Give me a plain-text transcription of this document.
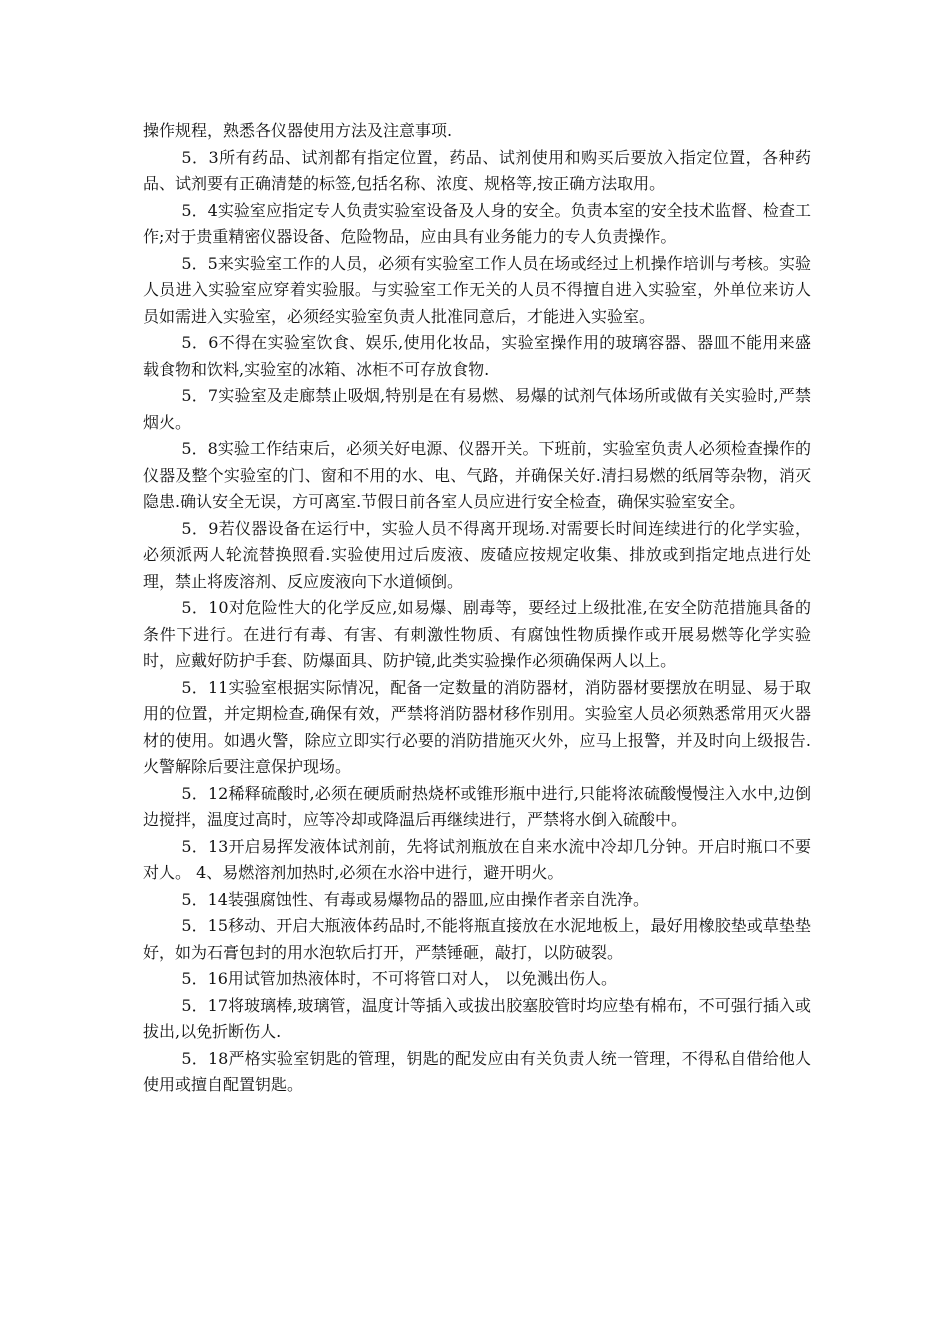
操作规程，熟悉各仪器使用方法及注意事项.

5．3所有药品、试剂都有指定位置，药品、试剂使用和购买后要放入指定位置，各种药品、试剂要有正确清楚的标签,包括名称、浓度、规格等,按正确方法取用。

5．4实验室应指定专人负责实验室设备及人身的安全。负责本室的安全技术监督、检查工作;对于贵重精密仪器设备、危险物品，应由具有业务能力的专人负责操作。

5．5来实验室工作的人员，必须有实验室工作人员在场或经过上机操作培训与考核。实验人员进入实验室应穿着实验服。与实验室工作无关的人员不得擅自进入实验室，外单位来访人员如需进入实验室，必须经实验室负责人批准同意后，才能进入实验室。

5．6不得在实验室饮食、娱乐,使用化妆品，实验室操作用的玻璃容器、器皿不能用来盛载食物和饮料,实验室的冰箱、冰柜不可存放食物.

5．7实验室及走廊禁止吸烟,特别是在有易燃、易爆的试剂气体场所或做有关实验时,严禁烟火。

5．8实验工作结束后，必须关好电源、仪器开关。下班前，实验室负责人必须检查操作的仪器及整个实验室的门、窗和不用的水、电、气路，并确保关好.清扫易燃的纸屑等杂物，消灭隐患.确认安全无误，方可离室.节假日前各室人员应进行安全检查，确保实验室安全。

5．9若仪器设备在运行中，实验人员不得离开现场.对需要长时间连续进行的化学实验，必须派两人轮流替换照看.实验使用过后废液、废碴应按规定收集、排放或到指定地点进行处理，禁止将废溶剂、反应废液向下水道倾倒。

5．10对危险性大的化学反应,如易爆、剧毒等，要经过上级批准,在安全防范措施具备的条件下进行。在进行有毒、有害、有刺激性物质、有腐蚀性物质操作或开展易燃等化学实验时，应戴好防护手套、防爆面具、防护镜,此类实验操作必须确保两人以上。

5．11实验室根据实际情况，配备一定数量的消防器材，消防器材要摆放在明显、易于取用的位置，并定期检查,确保有效，严禁将消防器材移作别用。实验室人员必须熟悉常用灭火器材的使用。如遇火警，除应立即实行必要的消防措施灭火外，应马上报警，并及时向上级报告.火警解除后要注意保护现场。

5．12稀释硫酸时,必须在硬质耐热烧杯或锥形瓶中进行,只能将浓硫酸慢慢注入水中,边倒边搅拌，温度过高时，应等冷却或降温后再继续进行，严禁将水倒入硫酸中。

5．13开启易挥发液体试剂前，先将试剂瓶放在自来水流中冷却几分钟。开启时瓶口不要对人。 4、易燃溶剂加热时,必须在水浴中进行，避开明火。

5．14装强腐蚀性、有毒或易爆物品的器皿,应由操作者亲自洗净。

5．15移动、开启大瓶液体药品时,不能将瓶直接放在水泥地板上，最好用橡胶垫或草垫垫好，如为石膏包封的用水泡软后打开，严禁锤砸，敲打，以防破裂。

5．16用试管加热液体时，不可将管口对人， 以免溅出伤人。

5．17将玻璃棒,玻璃管，温度计等插入或拔出胶塞胶管时均应垫有棉布，不可强行插入或拔出,以免折断伤人.

5．18严格实验室钥匙的管理，钥匙的配发应由有关负责人统一管理，不得私自借给他人使用或擅自配置钥匙。
